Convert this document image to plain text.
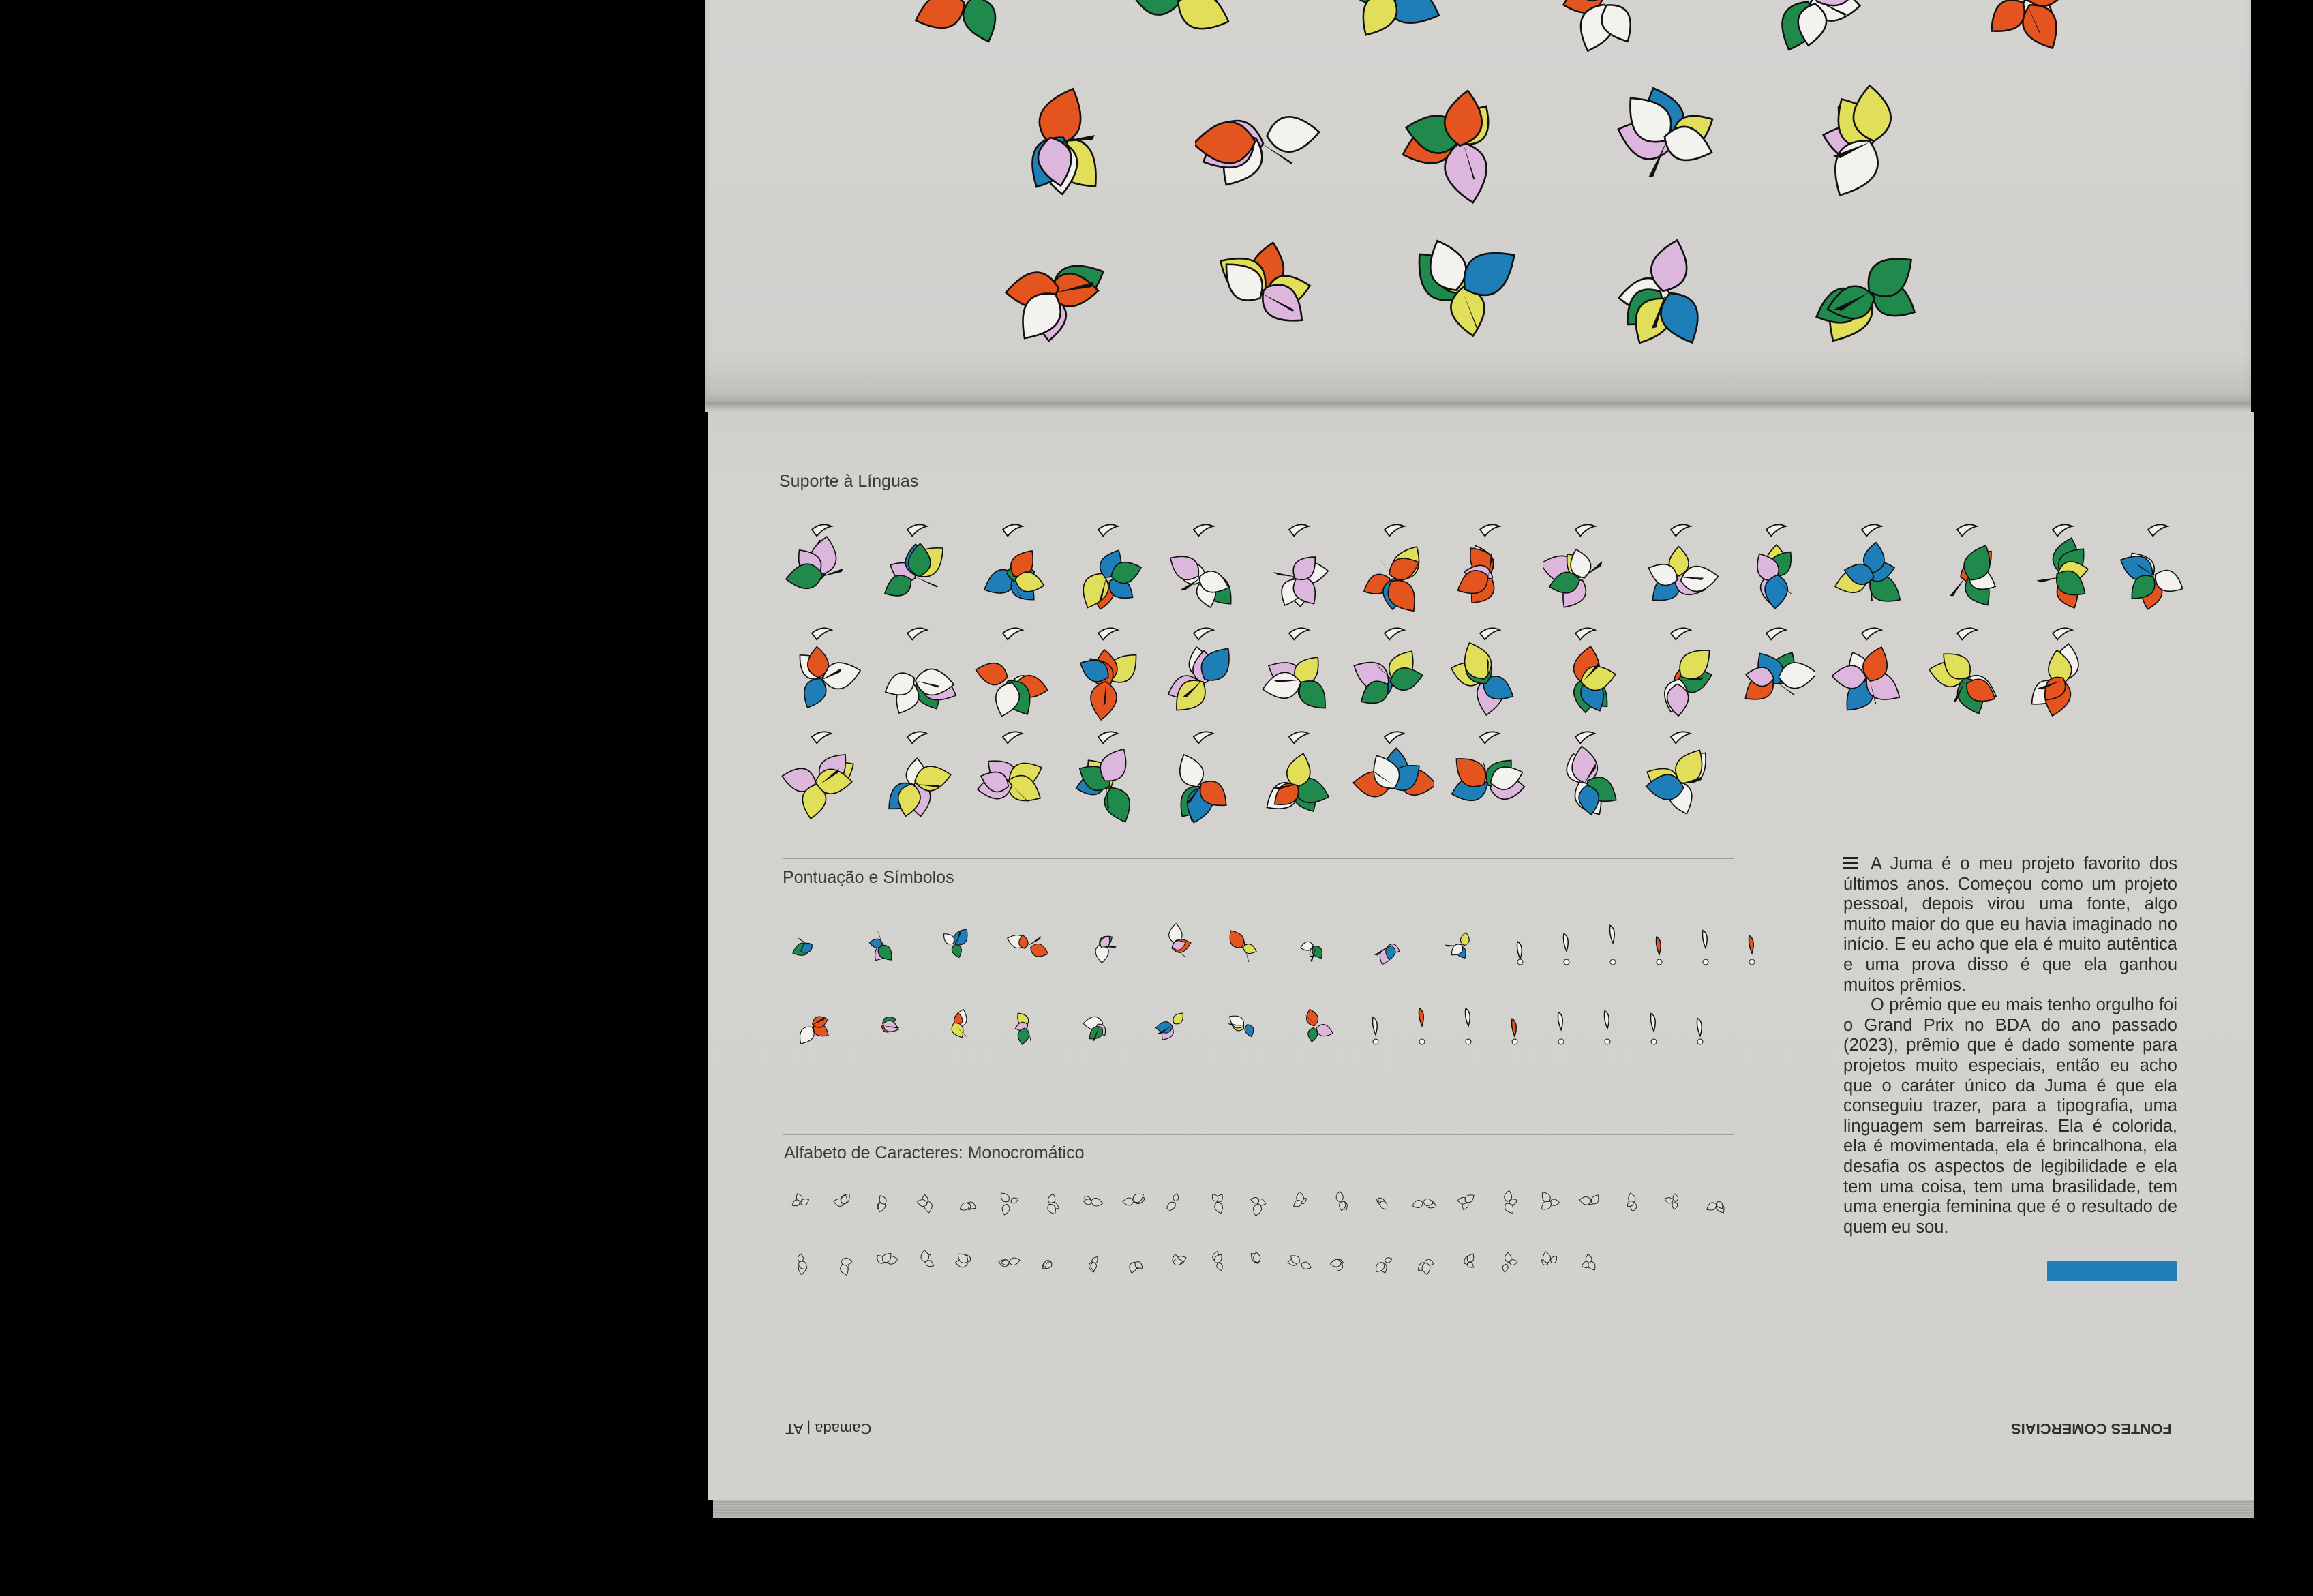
Suporte à Línguas
Pontuação e Símbolos
Alfabeto de Caracteres: Monocromático

A Juma é o meu projeto favorito dos últimos anos. Começou como um projeto pessoal, depois virou uma fonte, algo muito maior do que eu havia imaginado no início. E eu acho que ela é muito autêntica e uma prova disso é que ela ganhou muitos prêmios.

O prêmio que eu mais tenho orgulho foi o Grand Prix no BDA do ano passado (2023), prêmio que é dado somente para projetos muito especiais, então eu acho que o caráter único da Juma é que ela conseguiu trazer, para a tipografia, uma linguagem sem barreiras. Ela é colorida, ela é movimentada, ela é brincalhona, ela desafia os aspectos de legibilidade e ela tem uma coisa, tem uma brasilidade, tem uma energia feminina que é o resultado de quem eu sou.

Camada | AT	FONTES COMERCIAIS
